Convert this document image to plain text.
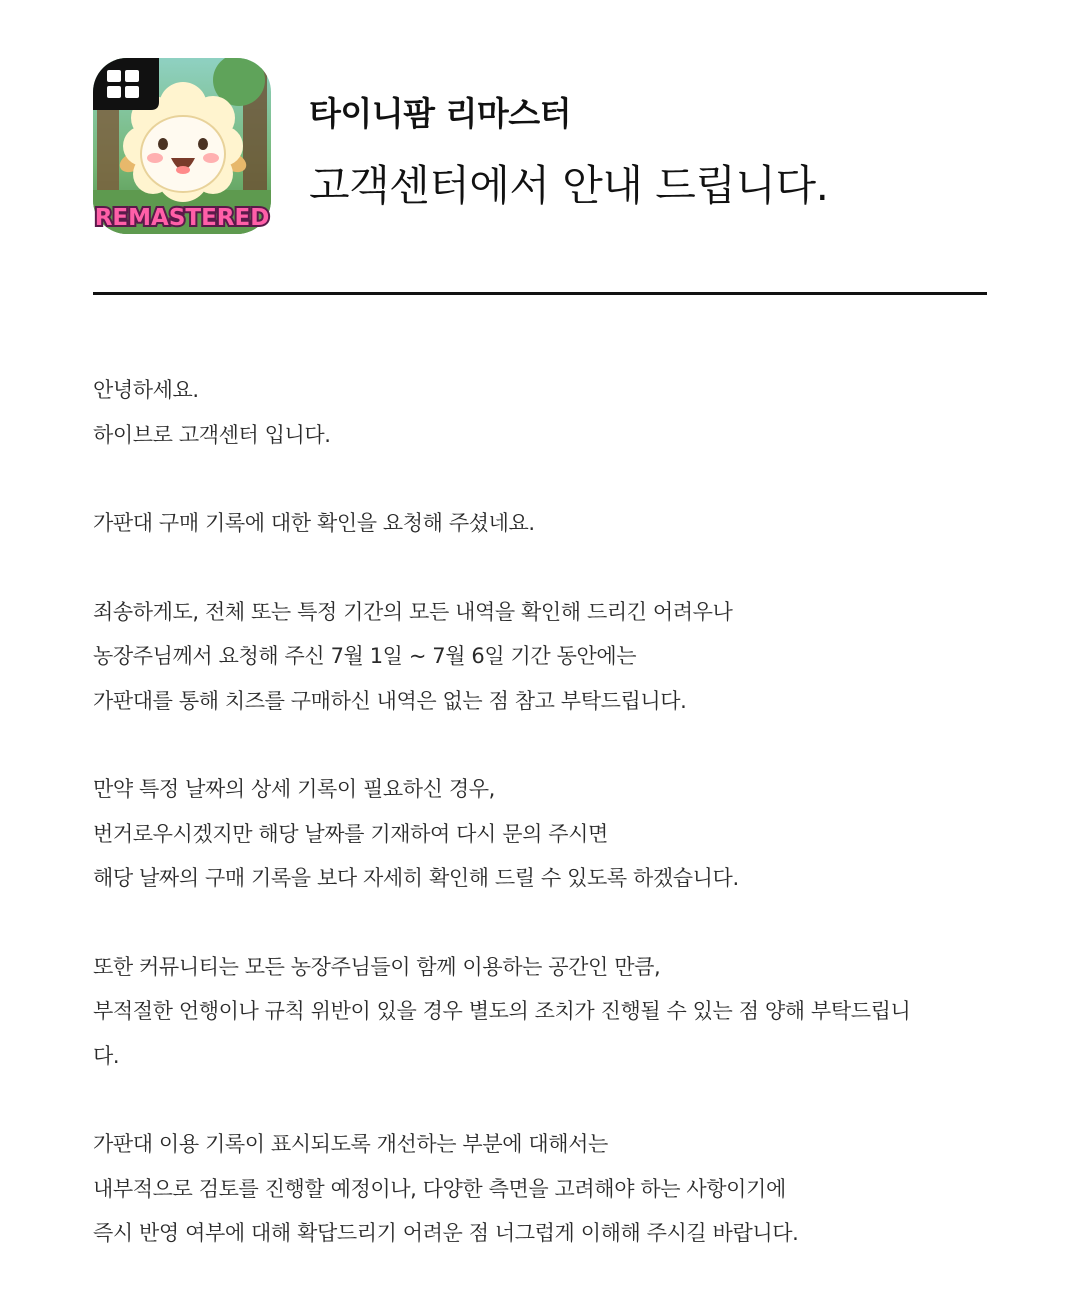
REMASTERED
타이니팜 리마스터
고객센터에서 안내 드립니다.
안녕하세요.
하이브로 고객센터 입니다.
가판대 구매 기록에 대한 확인을 요청해 주셨네요.
죄송하게도, 전체 또는 특정 기간의 모든 내역을 확인해 드리긴 어려우나
농장주님께서 요청해 주신 7월 1일 ~ 7월 6일 기간 동안에는
가판대를 통해 치즈를 구매하신 내역은 없는 점 참고 부탁드립니다.
만약 특정 날짜의 상세 기록이 필요하신 경우,
번거로우시겠지만 해당 날짜를 기재하여 다시 문의 주시면
해당 날짜의 구매 기록을 보다 자세히 확인해 드릴 수 있도록 하겠습니다.
또한 커뮤니티는 모든 농장주님들이 함께 이용하는 공간인 만큼,
부적절한 언행이나 규칙 위반이 있을 경우 별도의 조치가 진행될 수 있는 점 양해 부탁드립니
다.
가판대 이용 기록이 표시되도록 개선하는 부분에 대해서는
내부적으로 검토를 진행할 예정이나, 다양한 측면을 고려해야 하는 사항이기에
즉시 반영 여부에 대해 확답드리기 어려운 점 너그럽게 이해해 주시길 바랍니다.
